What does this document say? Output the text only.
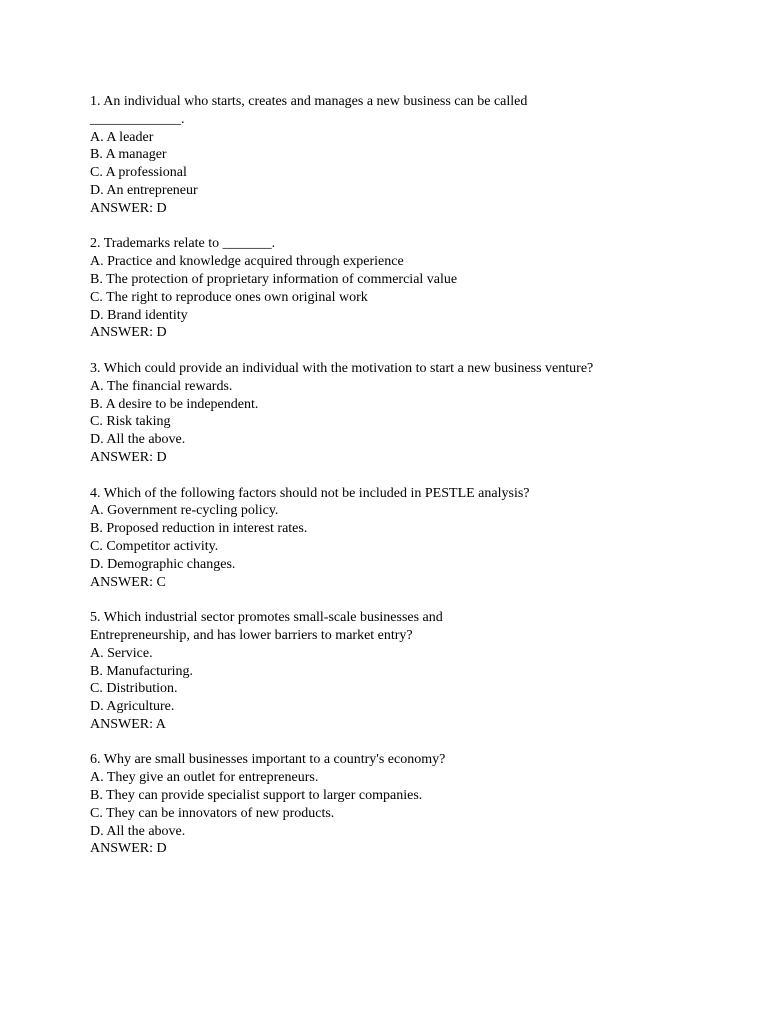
1. An individual who starts, creates and manages a new business can be called
_____________.
A. A leader
B. A manager
C. A professional
D. An entrepreneur
ANSWER: D
2. Trademarks relate to _______.
A. Practice and knowledge acquired through experience
B. The protection of proprietary information of commercial value
C. The right to reproduce ones own original work
D. Brand identity
ANSWER: D
3. Which could provide an individual with the motivation to start a new business venture?
A. The financial rewards.
B. A desire to be independent.
C. Risk taking
D. All the above.
ANSWER: D
4. Which of the following factors should not be included in PESTLE analysis?
A. Government re-cycling policy.
B. Proposed reduction in interest rates.
C. Competitor activity.
D. Demographic changes.
ANSWER: C
5. Which industrial sector promotes small-scale businesses and
Entrepreneurship, and has lower barriers to market entry?
A. Service.
B. Manufacturing.
C. Distribution.
D. Agriculture.
ANSWER: A
6. Why are small businesses important to a country's economy?
A. They give an outlet for entrepreneurs.
B. They can provide specialist support to larger companies.
C. They can be innovators of new products.
D. All the above.
ANSWER: D
